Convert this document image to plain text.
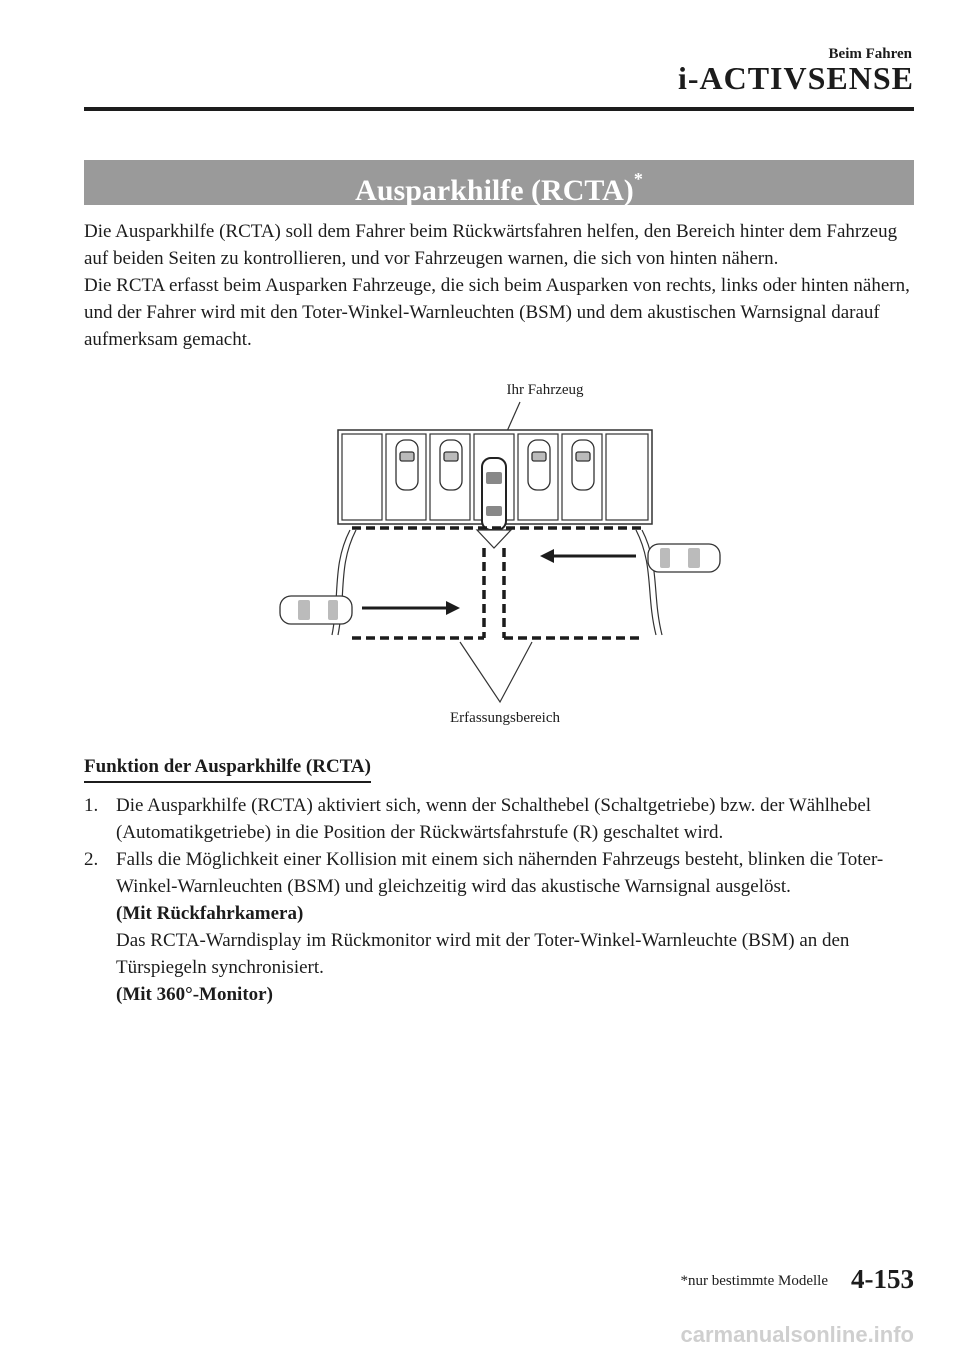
Beim Fahren
i-ACTIVSENSE
Ausparkhilfe (RCTA)*

Die Ausparkhilfe (RCTA) soll dem Fahrer beim Rückwärtsfahren helfen, den Bereich hinter dem Fahrzeug auf beiden Seiten zu kontrollieren, und vor Fahrzeugen warnen, die sich von hinten nähern.

Die RCTA erfasst beim Ausparken Fahrzeuge, die sich beim Ausparken von rechts, links oder hinten nähern, und der Fahrer wird mit den Toter-Winkel-Warnleuchten (BSM) und dem akustischen Warnsignal darauf aufmerksam gemacht.

Ihr Fahrzeug
Erfassungsbereich
Funktion der Ausparkhilfe (RCTA)
1. Die Ausparkhilfe (RCTA) aktiviert sich, wenn der Schalthebel (Schaltgetriebe) bzw. der Wählhebel (Automatikgetriebe) in die Position der Rückwärtsfahrstufe (R) geschaltet wird.
2. Falls die Möglichkeit einer Kollision mit einem sich nähernden Fahrzeugs besteht, blinken die Toter-Winkel-Warnleuchten (BSM) und gleichzeitig wird das akustische Warnsignal ausgelöst.
(Mit Rückfahrkamera)
Das RCTA-Warndisplay im Rückmonitor wird mit der Toter-Winkel-Warnleuchte (BSM) an den Türspiegeln synchronisiert.
(Mit 360°-Monitor)
*nur bestimmte Modelle 4-153
carmanualsonline.info
